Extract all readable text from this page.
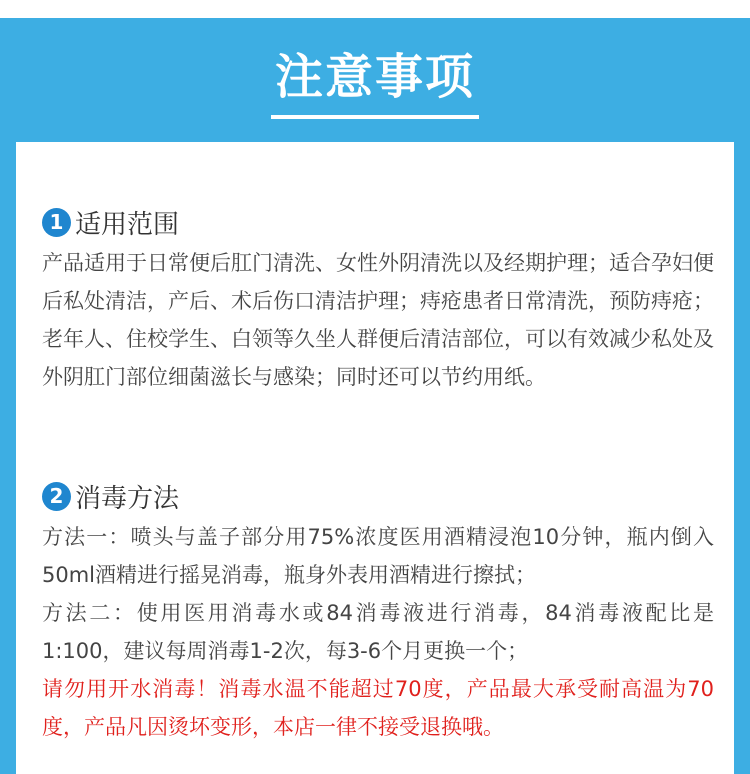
注意事项
1 适用范围

产品适用于日常便后肛门清洗、女性外阴清洗以及经期护理；适合孕妇便后私处清洁，产后、术后伤口清洁护理；痔疮患者日常清洗，预防痔疮；老年人、住校学生、白领等久坐人群便后清洁部位，可以有效减少私处及外阴肛门部位细菌滋长与感染；同时还可以节约用纸。

2 消毒方法

方法一：喷头与盖子部分用75%浓度医用酒精浸泡10分钟，瓶内倒入50ml酒精进行摇晃消毒，瓶身外表用酒精进行擦拭；

方法二：使用医用消毒水或84消毒液进行消毒，84消毒液配比是1:100，建议每周消毒1-2次，每3-6个月更换一个；

请勿用开水消毒！消毒水温不能超过70度，产品最大承受耐高温为70度，产品凡因烫坏变形，本店一律不接受退换哦。
